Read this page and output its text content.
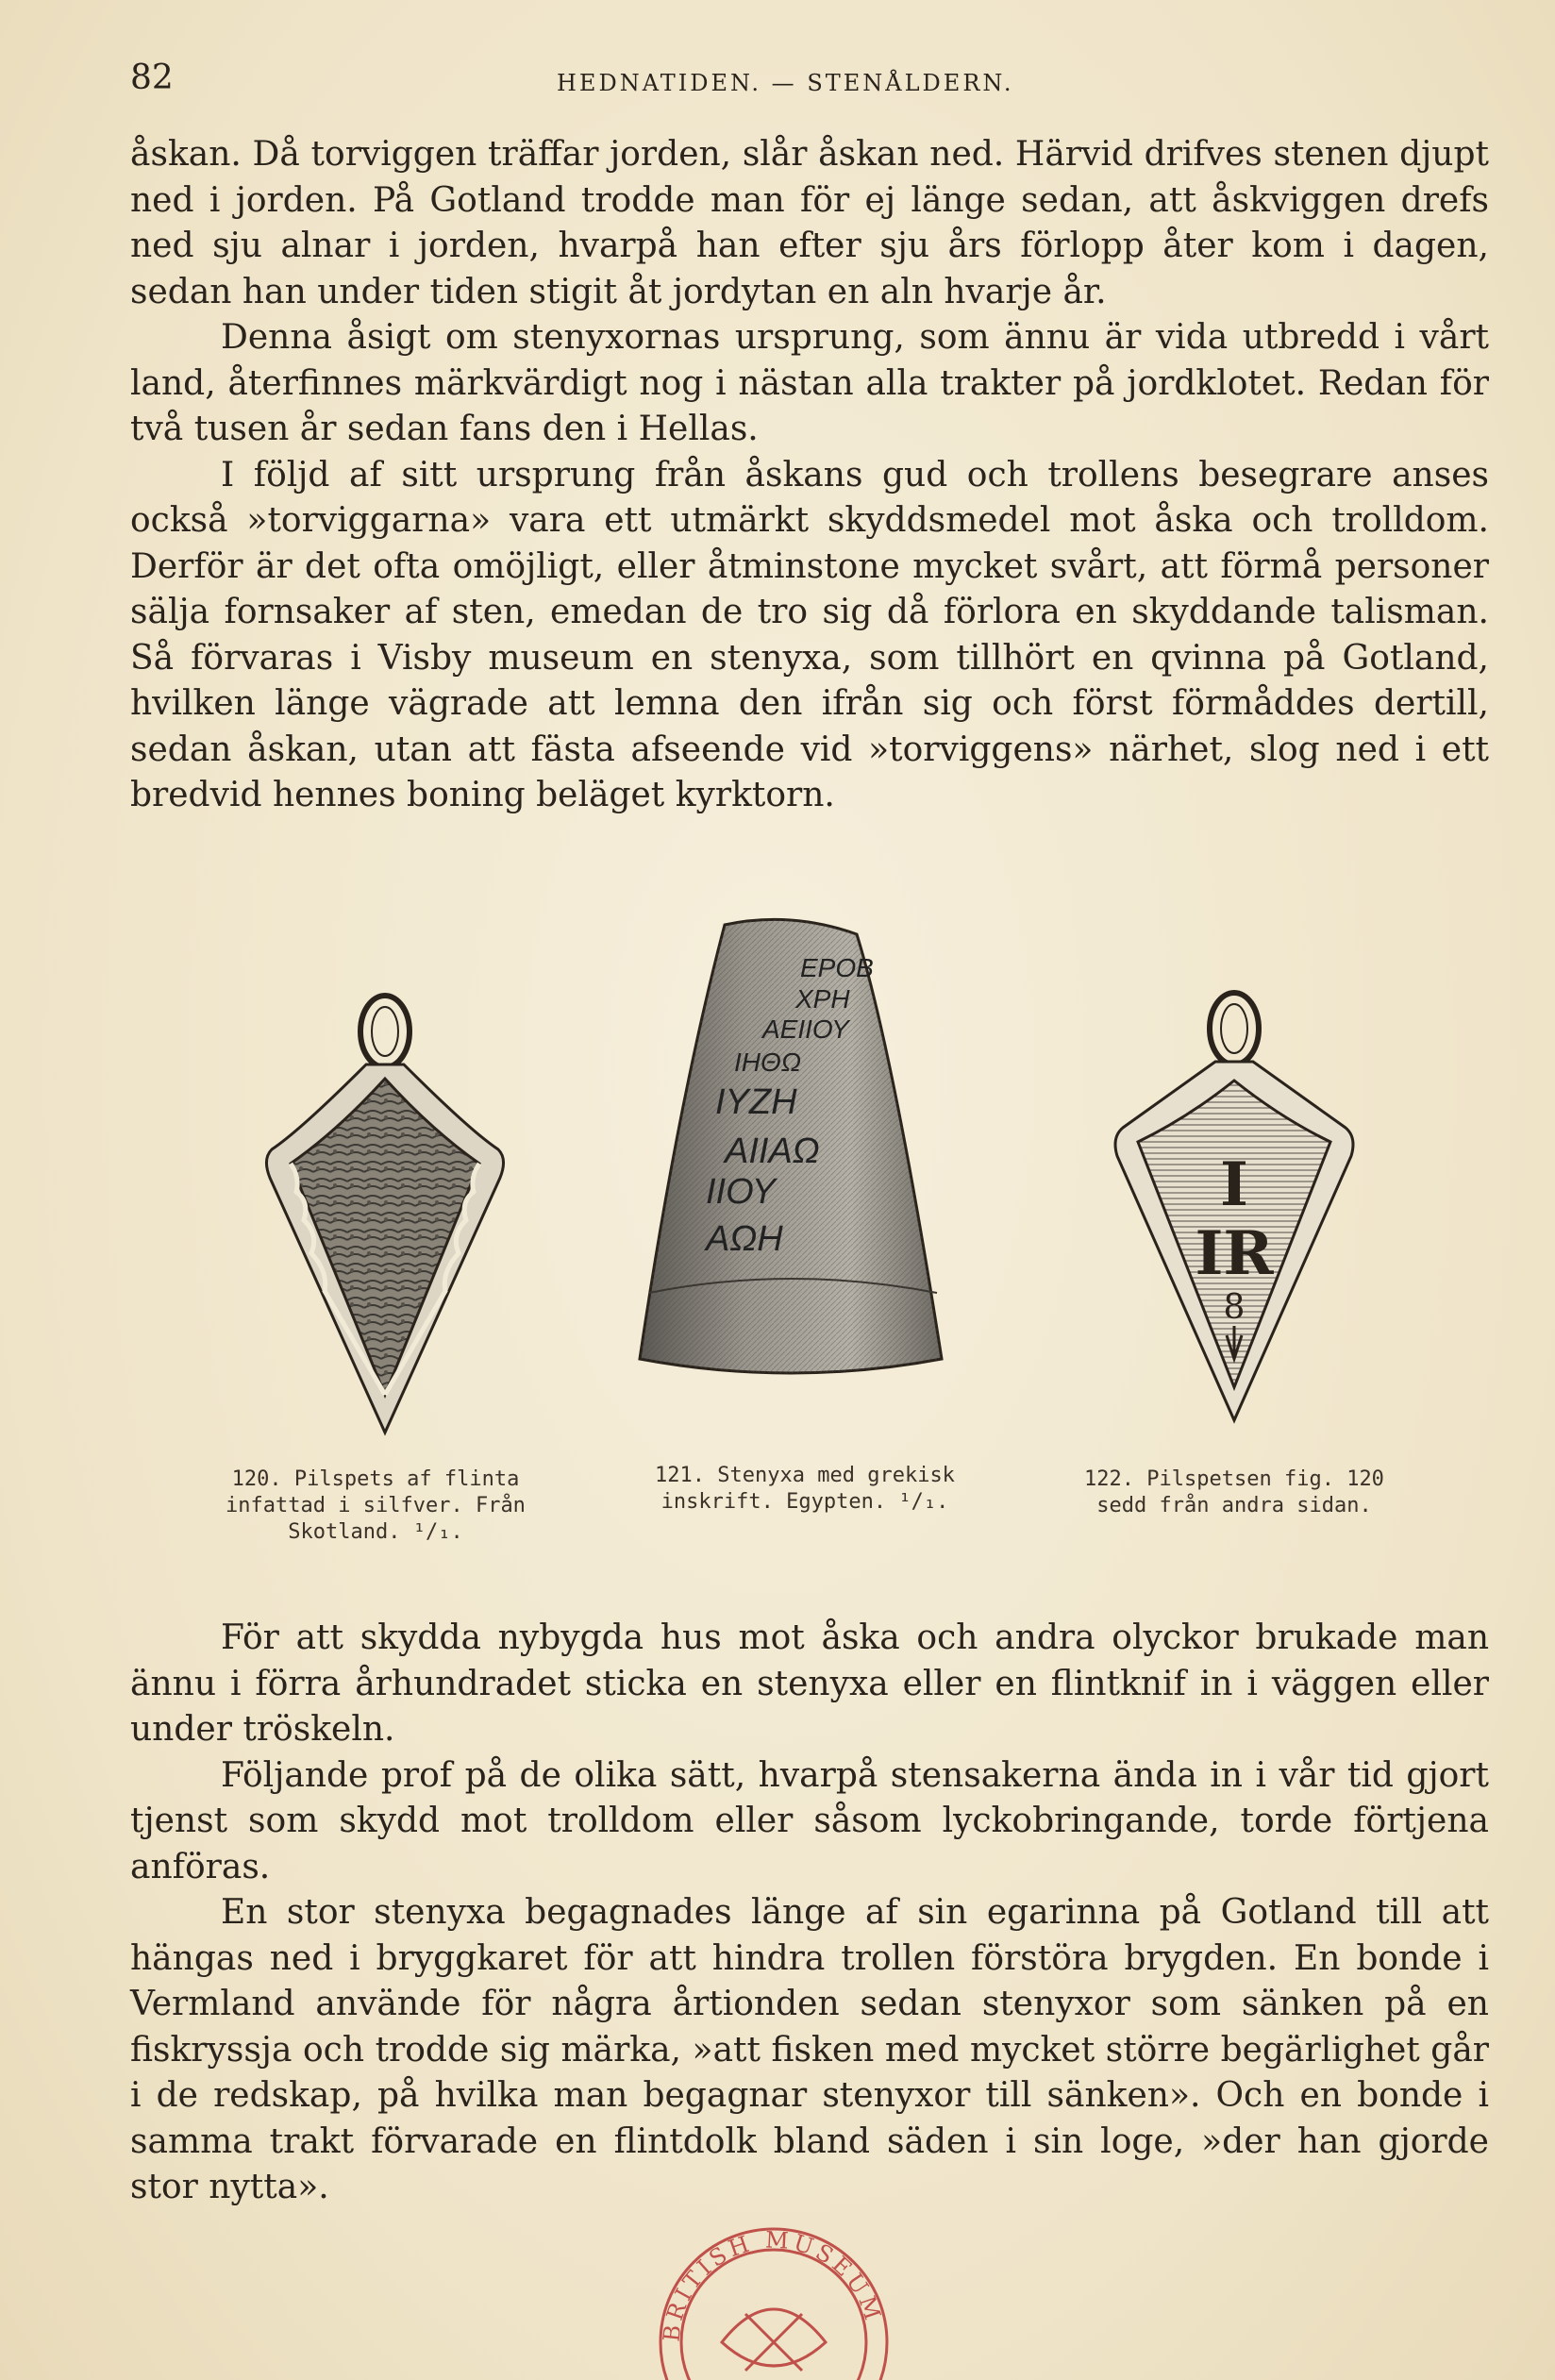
82	HEDNATIDEN. — STENÅLDERN.

åskan. Då torviggen träffar jorden, slår åskan ned. Härvid drifves stenen djupt ned i jorden. På Gotland trodde man för ej länge sedan, att åskviggen drefs ned sju alnar i jorden, hvarpå han efter sju års förlopp åter kom i dagen, sedan han under tiden stigit åt jordytan en aln hvarje år.

Denna åsigt om stenyxornas ursprung, som ännu är vida utbredd i vårt land, återfinnes märkvärdigt nog i nästan alla trakter på jordklotet. Redan för två tusen år sedan fans den i Hellas.

I följd af sitt ursprung från åskans gud och trollens besegrare anses också »torviggarna» vara ett utmärkt skyddsmedel mot åska och trolldom. Derför är det ofta omöjligt, eller åtminstone mycket svårt, att förmå personer sälja fornsaker af sten, emedan de tro sig då förlora en skyddande talisman. Så förvaras i Visby museum en stenyxa, som tillhört en qvinna på Gotland, hvilken länge vägrade att lemna den ifrån sig och först förmåddes dertill, sedan åskan, utan att fästa afseende vid »torviggens» närhet, slog ned i ett bredvid hennes boning beläget kyrktorn.

EPOB
ΧΡΗ
ΑΕΙΙΟΥ
ΙΗΘΩ
ΙΥΖΗ
ΑΙΙΑΩ
ΙΙΟΥ
ΑΩΗ
I
IR
8
120. Pilspets af flinta infattad i silfver. Från Skotland. ¹/₁.
121. Stenyxa med grekisk inskrift. Egypten. ¹/₁.
122. Pilspetsen fig. 120 sedd från andra sidan.

För att skydda nybygda hus mot åska och andra olyckor brukade man ännu i förra århundradet sticka en stenyxa eller en flintknif in i väggen eller under tröskeln.

Följande prof på de olika sätt, hvarpå stensakerna ända in i vår tid gjort tjenst som skydd mot trolldom eller såsom lyckobringande, torde förtjena anföras.

En stor stenyxa begagnades länge af sin egarinna på Gotland till att hängas ned i bryggkaret för att hindra trollen förstöra brygden. En bonde i Vermland använde för några årtionden sedan stenyxor som sänken på en fiskryssja och trodde sig märka, »att fisken med mycket större begärlighet går i de redskap, på hvilka man begagnar stenyxor till sänken». Och en bonde i samma trakt förvarade en flintdolk bland säden i sin loge, »der han gjorde stor nytta».

BRITISH MUSEUM
